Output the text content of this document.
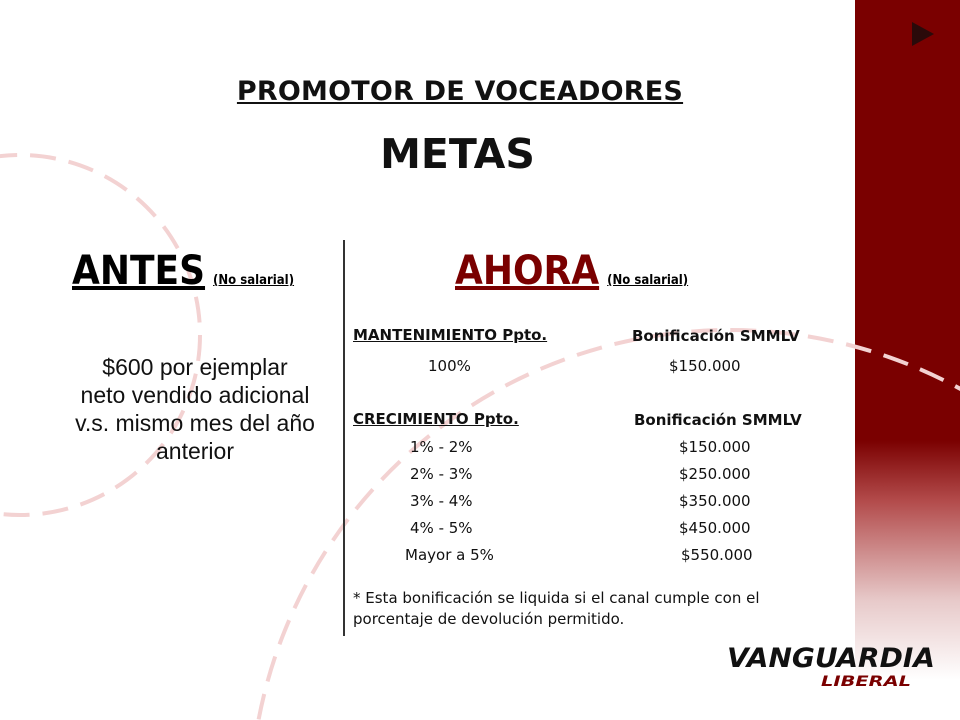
PROMOTOR DE VOCEADORES
METAS
ANTES (No salarial)	AHORA (No salarial)
$600 por ejemplar
neto vendido adicional
v.s. mismo mes del año
anterior
MANTENIMIENTO Ppto.	Bonificación SMMLV
100%	$150.000
CRECIMIENTO Ppto.	Bonificación SMMLV
1% - 2%	$150.000
2% - 3%	$250.000
3% - 4%	$350.000
4% - 5%	$450.000
Mayor a 5%	$550.000
* Esta bonificación se liquida si el canal cumple con el
porcentaje de devolución permitido.
VANGUARDIA
LIBERAL
